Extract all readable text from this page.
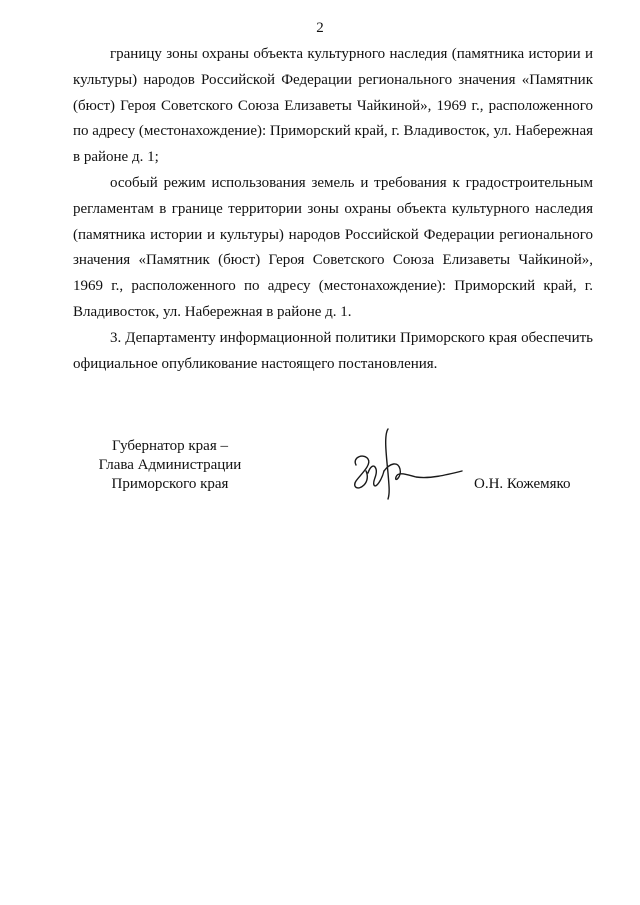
2

границу зоны охраны объекта культурного наследия (памятника истории и культуры) народов Российской Федерации регионального значения «Памятник (бюст) Героя Советского Союза Елизаветы Чайкиной», 1969 г., расположенного по адресу (местонахождение): Приморский край, г. Владивосток, ул. Набережная в районе д. 1;

особый режим использования земель и требования к градостроительным регламентам в границе территории зоны охраны объекта культурного наследия (памятника истории и культуры) народов Российской Федерации регионального значения «Памятник (бюст) Героя Советского Союза Елизаветы Чайкиной», 1969 г., расположенного по адресу (местонахождение): Приморский край, г. Владивосток, ул. Набережная в районе д. 1.

3. Департаменту информационной политики Приморского края обеспечить официальное опубликование настоящего постановления.

Губернатор края –
Глава Администрации
Приморского края	О.Н. Кожемяко
